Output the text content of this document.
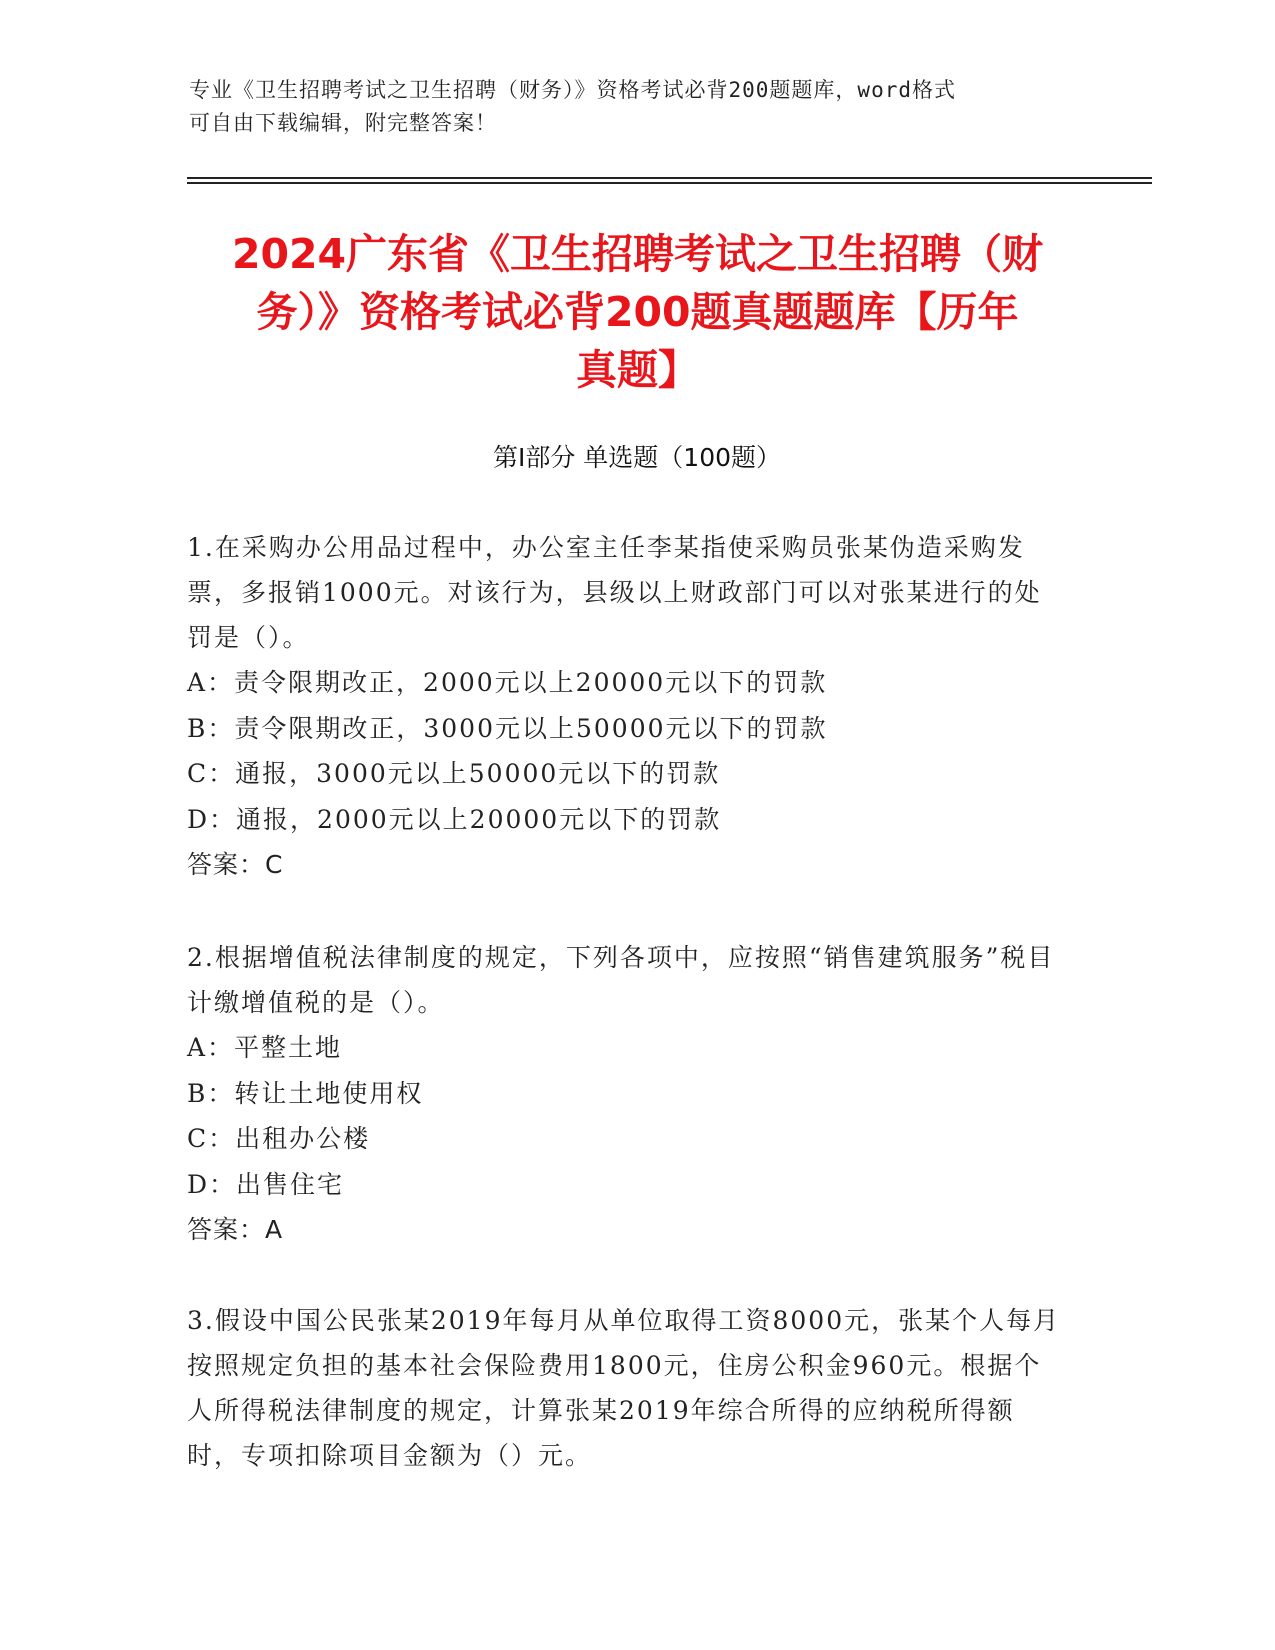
专业《卫生招聘考试之卫生招聘（财务）》资格考试必背200题题库，word格式
可自由下载编辑，附完整答案！
2024广东省《卫生招聘考试之卫生招聘（财
务）》资格考试必背200题真题题库【历年
真题】
第Ⅰ部分 单选题（100题）
1.在采购办公用品过程中，办公室主任李某指使采购员张某伪造采购发票，多报销1000元。对该行为，县级以上财政部门可以对张某进行的处罚是（）。
A：责令限期改正，2000元以上20000元以下的罚款
B：责令限期改正，3000元以上50000元以下的罚款
C：通报，3000元以上50000元以下的罚款
D：通报，2000元以上20000元以下的罚款
答案：C
2.根据增值税法律制度的规定，下列各项中，应按照“销售建筑服务”税目计缴增值税的是（）。
A：平整土地
B：转让土地使用权
C：出租办公楼
D：出售住宅
答案：A
3.假设中国公民张某2019年每月从单位取得工资8000元，张某个人每月按照规定负担的基本社会保险费用1800元，住房公积金960元。根据个人所得税法律制度的规定，计算张某2019年综合所得的应纳税所得额时，专项扣除项目金额为（）元。
